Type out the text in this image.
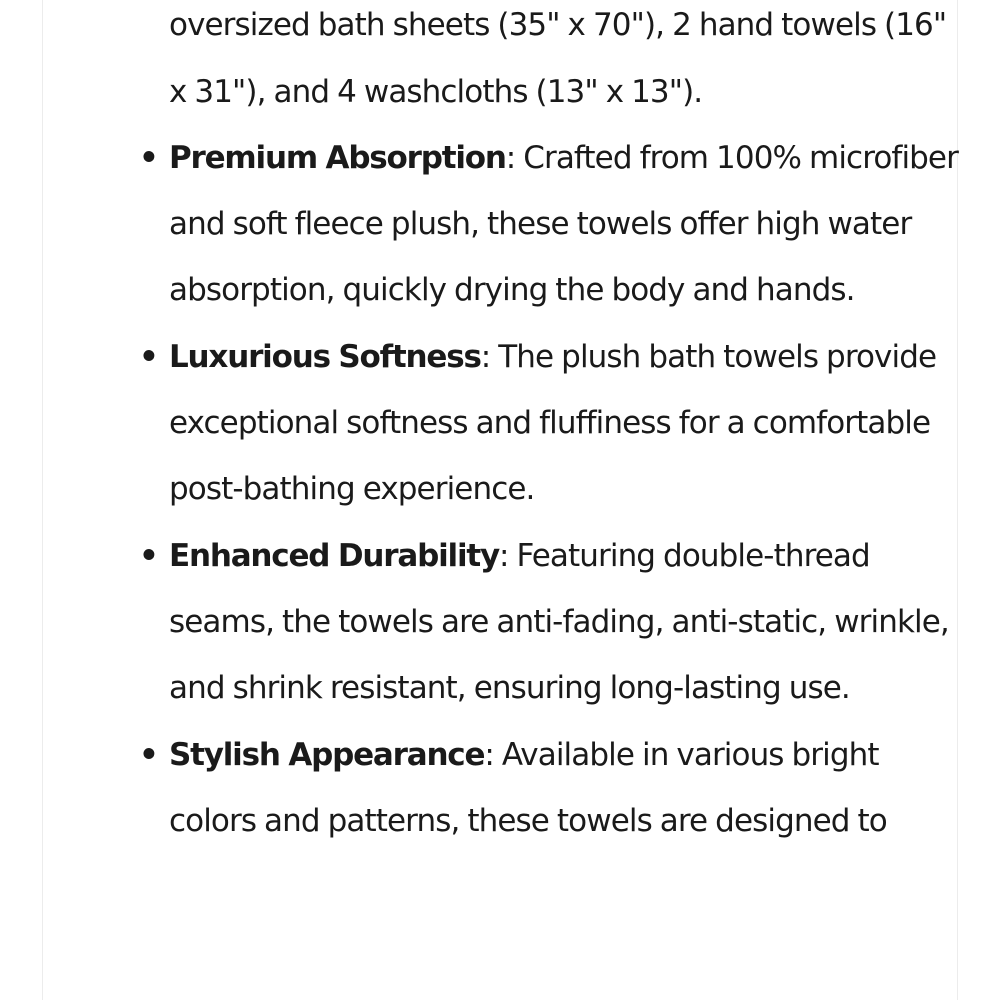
oversized bath sheets (35" x 70"), 2 hand towels (16" x 31"), and 4 washcloths (13" x 13").
• Premium Absorption: Crafted from 100% microfiber and soft fleece plush, these towels offer high water absorption, quickly drying the body and hands.
• Luxurious Softness: The plush bath towels provide exceptional softness and fluffiness for a comfortable post-bathing experience.
• Enhanced Durability: Featuring double-thread seams, the towels are anti-fading, anti-static, wrinkle, and shrink resistant, ensuring long-lasting use.
• Stylish Appearance: Available in various bright colors and patterns, these towels are designed to
